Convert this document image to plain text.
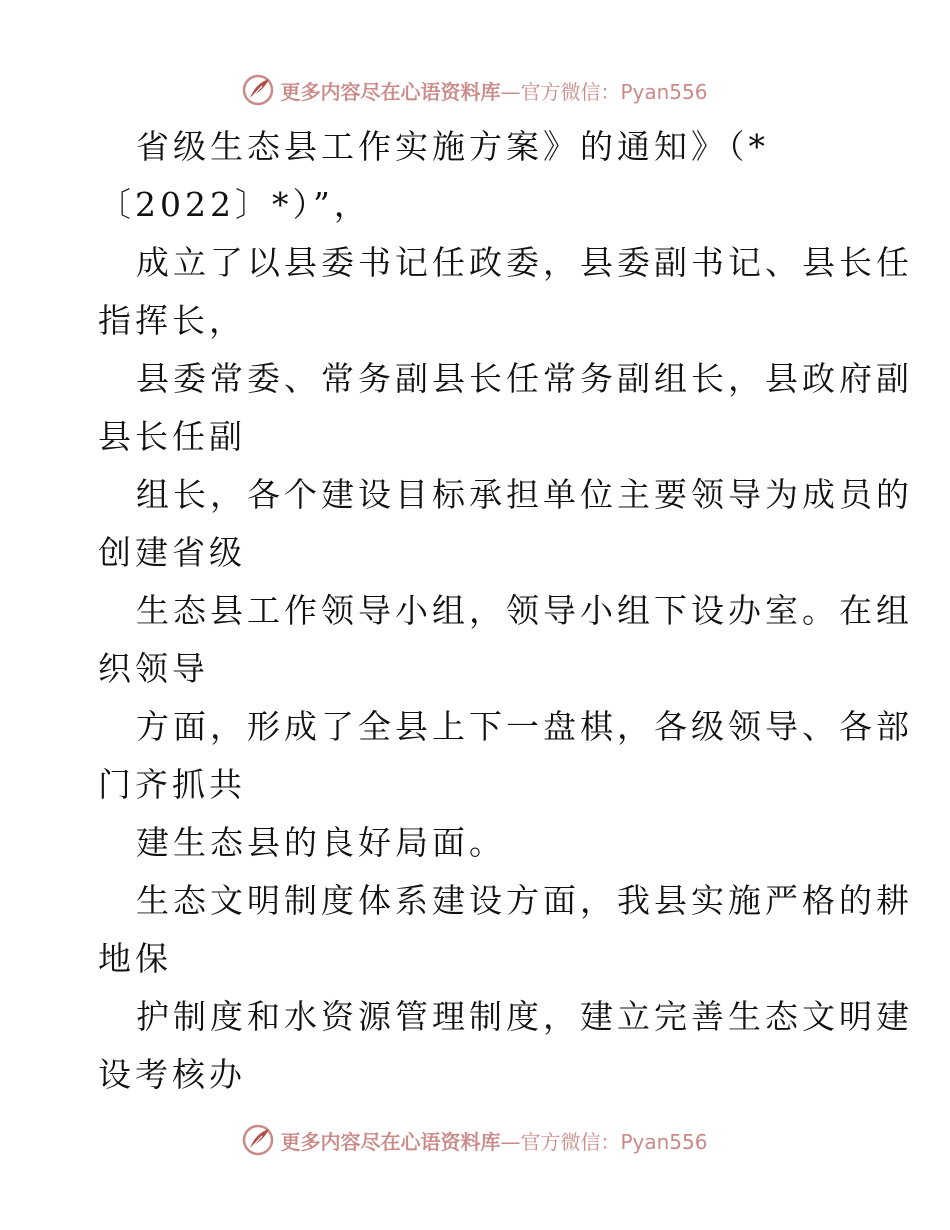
更多内容尽在心语资料库—官方微信：Pyan556
省级生态县工作实施方案》的通知》（*
〔2022〕*）”，
成立了以县委书记任政委，县委副书记、县长任
指挥长，
县委常委、常务副县长任常务副组长，县政府副
县长任副
组长，各个建设目标承担单位主要领导为成员的
创建省级
生态县工作领导小组，领导小组下设办室。在组
织领导
方面，形成了全县上下一盘棋，各级领导、各部
门齐抓共
建生态县的良好局面。
生态文明制度体系建设方面，我县实施严格的耕
地保
护制度和水资源管理制度，建立完善生态文明建
设考核办
更多内容尽在心语资料库—官方微信：Pyan556
